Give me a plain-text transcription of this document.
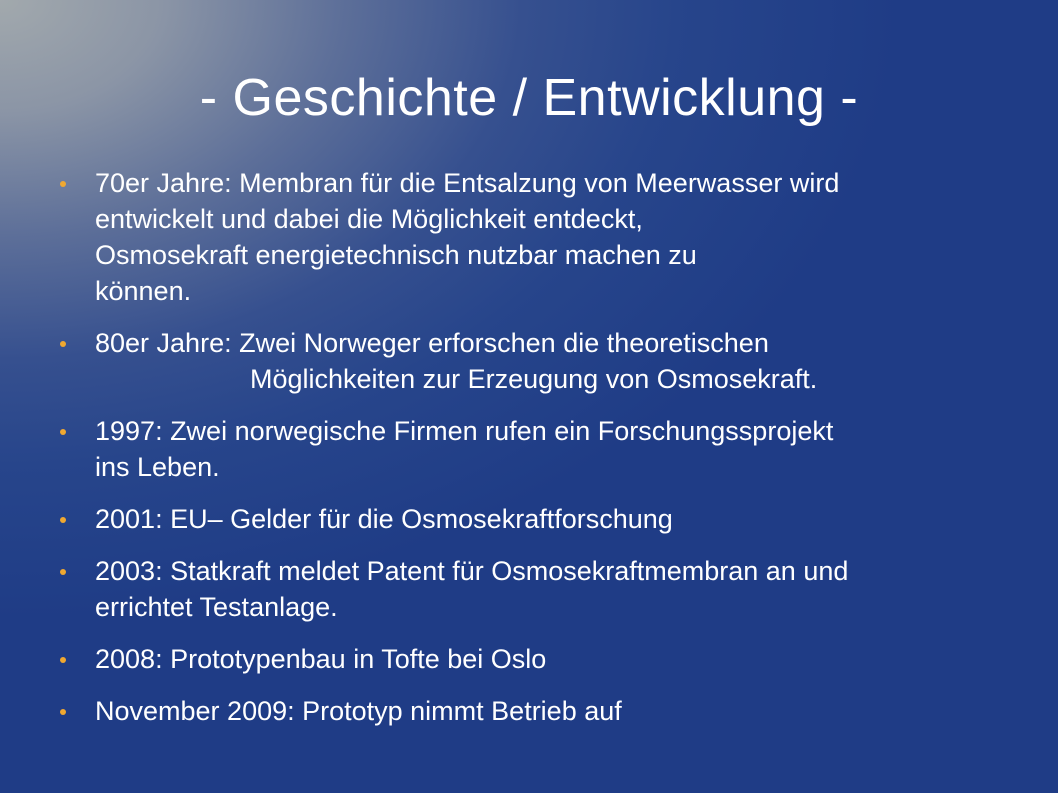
- Geschichte / Entwicklung -
70er Jahre: Membran für die Entsalzung von Meerwasser wird
entwickelt und dabei die Möglichkeit entdeckt,
Osmosekraft energietechnisch nutzbar machen zu
können.
80er Jahre: Zwei Norweger erforschen die theoretischen
Möglichkeiten zur Erzeugung von Osmosekraft.
1997: Zwei norwegische Firmen rufen ein Forschungssprojekt
ins Leben.
2001: EU– Gelder für die Osmosekraftforschung
2003: Statkraft meldet Patent für Osmosekraftmembran an und
errichtet Testanlage.
2008: Prototypenbau in Tofte bei Oslo
November 2009: Prototyp nimmt Betrieb auf
